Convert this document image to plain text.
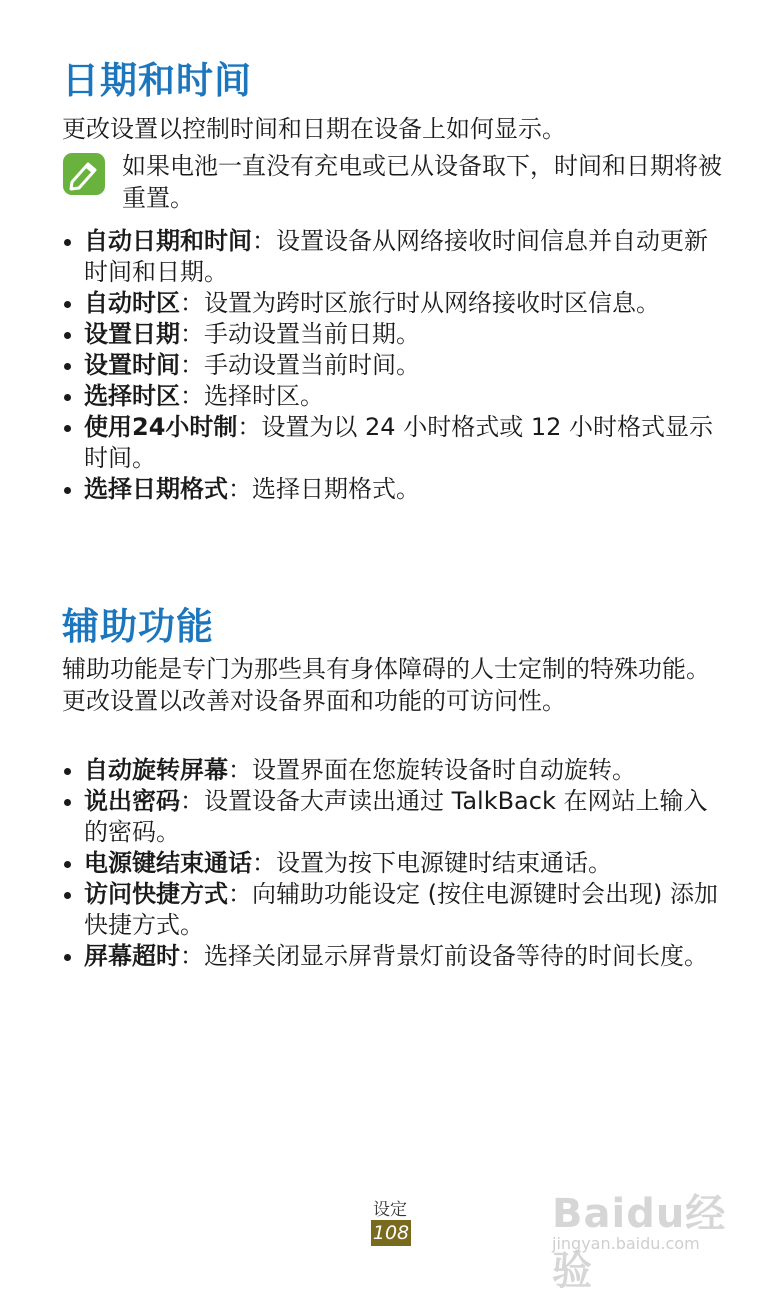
日期和时间

更改设置以控制时间和日期在设备上如何显示。

如果电池一直没有充电或已从设备取下，时间和日期将被重置。
自动日期和时间：设置设备从网络接收时间信息并自动更新时间和日期。
自动时区：设置为跨时区旅行时从网络接收时区信息。
设置日期：手动设置当前日期。
设置时间：手动设置当前时间。
选择时区：选择时区。
使用24小时制：设置为以 24 小时格式或 12 小时格式显示时间。
选择日期格式：选择日期格式。
辅助功能

辅助功能是专门为那些具有身体障碍的人士定制的特殊功能。更改设置以改善对设备界面和功能的可访问性。

自动旋转屏幕：设置界面在您旋转设备时自动旋转。
说出密码：设置设备大声读出通过 TalkBack 在网站上输入的密码。
电源键结束通话：设置为按下电源键时结束通话。
访问快捷方式：向辅助功能设定 (按住电源键时会出现) 添加快捷方式。
屏幕超时：选择关闭显示屏背景灯前设备等待的时间长度。
设定
108	Baidu经验
jingyan.baidu.com
